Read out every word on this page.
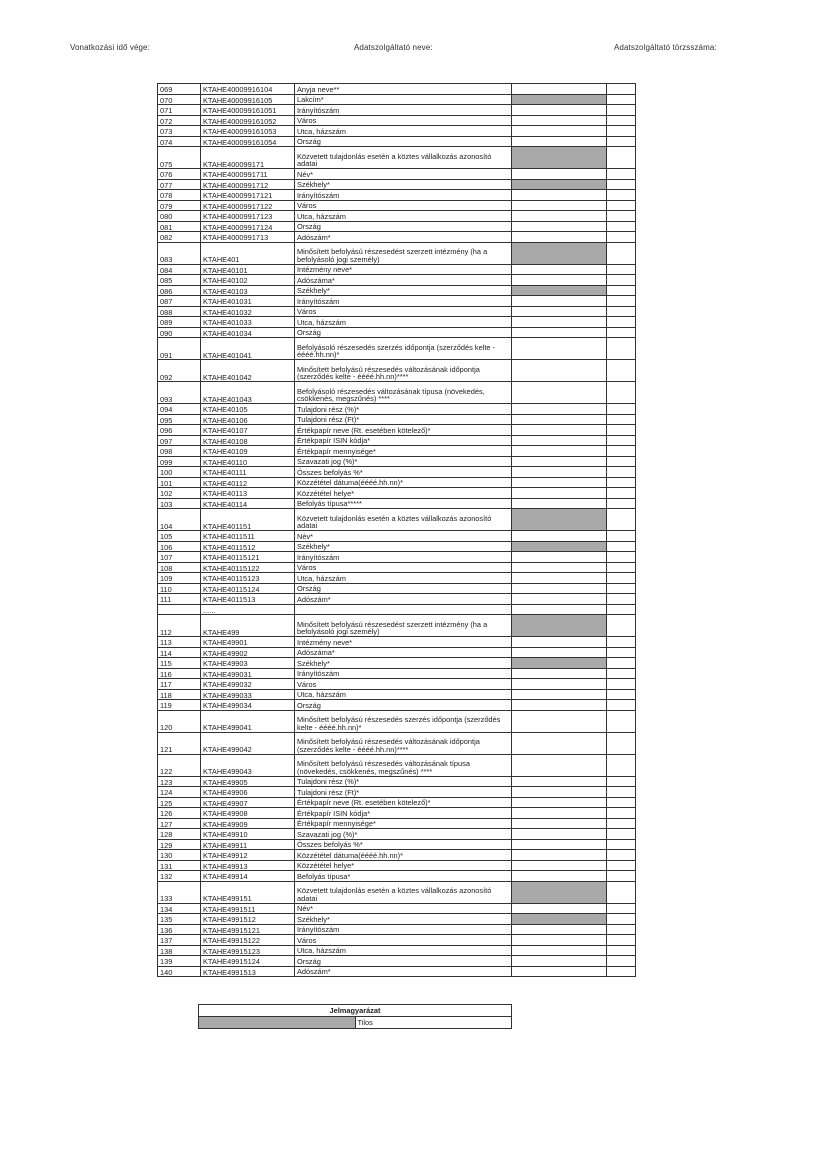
Vonatkozási idő vége:	Adatszolgáltató neve:	Adatszolgáltató törzsszáma:
069	KTAHE40009916104	Anyja neve**		
070	KTAHE40009916105	Lakcím*		
071	KTAHE400099161051	Irányítószám		
072	KTAHE400099161052	Város		
073	KTAHE400099161053	Utca, házszám		
074	KTAHE400099161054	Ország		
075	KTAHE400099171	Közvetett tulajdonlás esetén a köztes vállalkozás azonosító adatai		
076	KTAHE4000991711	Név*		
077	KTAHE4000991712	Székhely*		
078	KTAHE40009917121	Irányítószám		
079	KTAHE40009917122	Város		
080	KTAHE40009917123	Utca, házszám		
081	KTAHE40009917124	Ország		
082	KTAHE4000991713	Adószám*		
083	KTAHE401	Minősített befolyású részesedést szerzett intézmény (ha a befolyásoló jogi személy)		
084	KTAHE40101	Intézmény neve*		
085	KTAHE40102	Adószáma*		
086	KTAHE40103	Székhely*		
087	KTAHE401031	Irányítószám		
088	KTAHE401032	Város		
089	KTAHE401033	Utca, házszám		
090	KTAHE401034	Ország		
091	KTAHE401041	Befolyásoló részesedés szerzés időpontja (szerződés kelte - éééé.hh.nn)*		
092	KTAHE401042	Minősített befolyású részesedés változásának időpontja (szerződés kelte - éééé.hh.nn)****		
093	KTAHE401043	Befolyásoló részesedés változásának típusa (növekedés, csökkenés, megszűnés) ****		
094	KTAHE40105	Tulajdoni rész (%)*		
095	KTAHE40106	Tulajdoni rész (Ft)*		
096	KTAHE40107	Értékpapír neve (Rt. esetében kötelező)*		
097	KTAHE40108	Értékpapír ISIN kódja*		
098	KTAHE40109	Értékpapír mennyisége*		
099	KTAHE40110	Szavazati jog (%)*		
100	KTAHE40111	Összes befolyás %*		
101	KTAHE40112	Közzététel dátuma(éééé.hh.nn)*		
102	KTAHE40113	Közzététel helye*		
103	KTAHE40114	Befolyás típusa*****		
104	KTAHE401151	Közvetett tulajdonlás esetén a köztes vállalkozás azonosító adatai		
105	KTAHE4011511	Név*		
106	KTAHE4011512	Székhely*		
107	KTAHE40115121	Irányítószám		
108	KTAHE40115122	Város		
109	KTAHE40115123	Utca, házszám		
110	KTAHE40115124	Ország		
111	KTAHE4011513	Adószám*		
	......			
112	KTAHE499	Minősített befolyású részesedést szerzett intézmény (ha a befolyásoló jogi személy)		
113	KTAHE49901	Intézmény neve*		
114	KTAHE49902	Adószáma*		
115	KTAHE49903	Székhely*		
116	KTAHE499031	Irányítószám		
117	KTAHE499032	Város		
118	KTAHE499033	Utca, házszám		
119	KTAHE499034	Ország		
120	KTAHE499041	Minősített befolyású részesedés szerzés időpontja (szerződés kelte - éééé.hh.nn)*		
121	KTAHE499042	Minősített befolyású részesedés változásának időpontja (szerződés kelte - éééé.hh.nn)****		
122	KTAHE499043	Minősített befolyású részesedés változásának típusa (növekedés, csökkenés, megszűnés) ****		
123	KTAHE49905	Tulajdoni rész (%)*		
124	KTAHE49906	Tulajdoni rész (Ft)*		
125	KTAHE49907	Értékpapír neve (Rt. esetében kötelező)*		
126	KTAHE49908	Értékpapír ISIN kódja*		
127	KTAHE49909	Értékpapír mennyisége*		
128	KTAHE49910	Szavazati jog (%)*		
129	KTAHE49911	Összes befolyás %*		
130	KTAHE49912	Közzététel dátuma(éééé.hh.nn)*		
131	KTAHE49913	Közzététel helye*		
132	KTAHE49914	Befolyás típusa*		
133	KTAHE499151	Közvetett tulajdonlás esetén a köztes vállalkozás azonosító adatai		
134	KTAHE4991511	Név*		
135	KTAHE4991512	Székhely*		
136	KTAHE49915121	Irányítószám		
137	KTAHE49915122	Város		
138	KTAHE49915123	Utca, házszám		
139	KTAHE49915124	Ország		
140	KTAHE4991513	Adószám*		
Jelmagyarázat
	Tilos
